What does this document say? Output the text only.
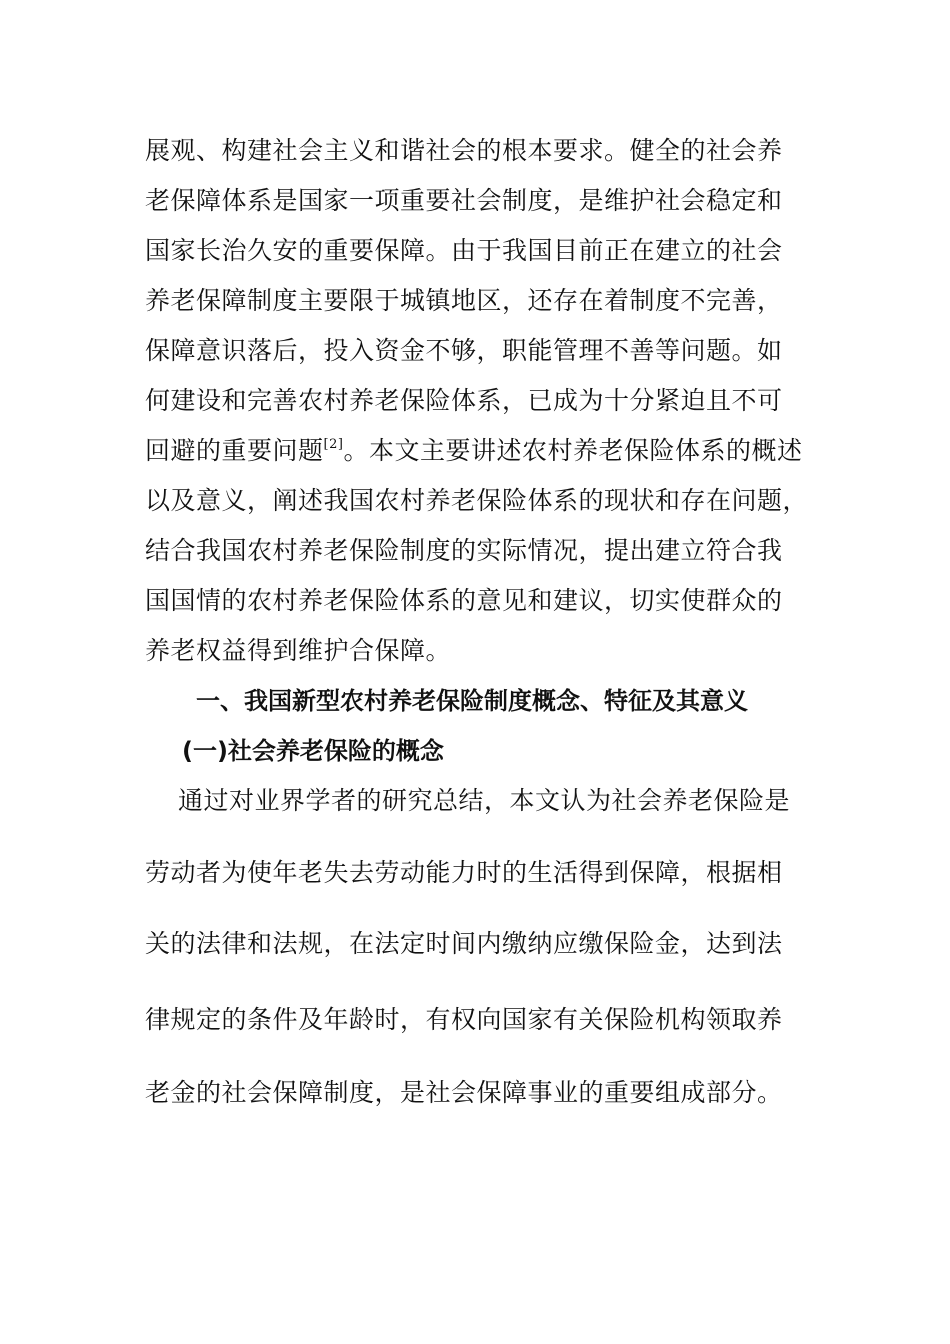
展观、构建社会主义和谐社会的根本要求。健全的社会养
老保障体系是国家一项重要社会制度，是维护社会稳定和
国家长治久安的重要保障。由于我国目前正在建立的社会
养老保障制度主要限于城镇地区，还存在着制度不完善，
保障意识落后，投入资金不够，职能管理不善等问题。如
何建设和完善农村养老保险体系，已成为十分紧迫且不可
回避的重要问题[2]。本文主要讲述农村养老保险体系的概述
以及意义，阐述我国农村养老保险体系的现状和存在问题，
结合我国农村养老保险制度的实际情况，提出建立符合我
国国情的农村养老保险体系的意见和建议，切实使群众的
养老权益得到维护合保障。
一、我国新型农村养老保险制度概念、特征及其意义
(一)社会养老保险的概念
通过对业界学者的研究总结，本文认为社会养老保险是
劳动者为使年老失去劳动能力时的生活得到保障，根据相
关的法律和法规，在法定时间内缴纳应缴保险金，达到法
律规定的条件及年龄时，有权向国家有关保险机构领取养
老金的社会保障制度，是社会保障事业的重要组成部分。
